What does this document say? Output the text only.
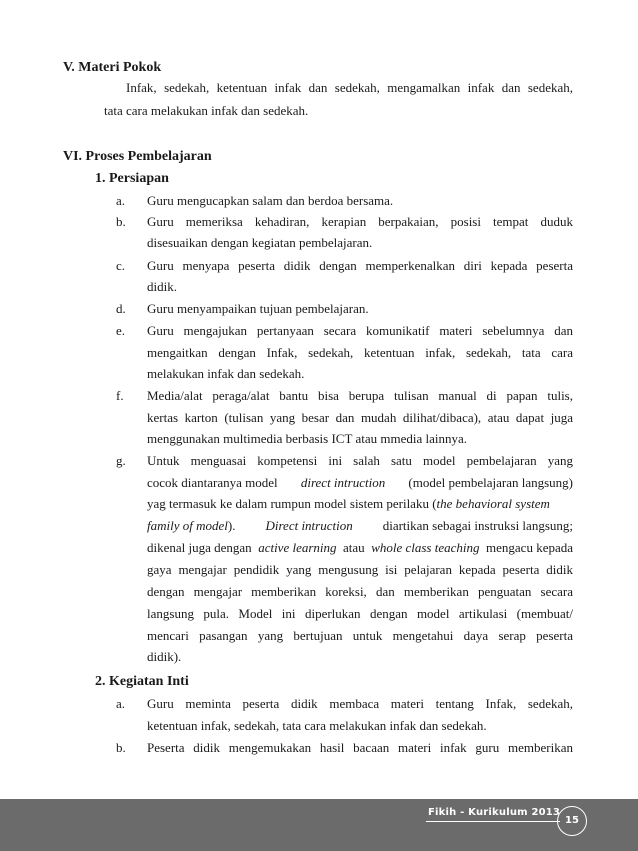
V. Materi Pokok
Infak, sedekah, ketentuan infak dan sedekah, mengamalkan infak dan sedekah,
tata cara melakukan infak dan sedekah.
VI. Proses Pembelajaran
1. Persiapan
a. Guru mengucapkan salam dan berdoa bersama.
b. Guru memeriksa kehadiran, kerapian berpakaian, posisi tempat duduk
disesuaikan dengan kegiatan pembelajaran.
c. Guru menyapa peserta didik dengan memperkenalkan diri kepada peserta
didik.
d. Guru menyampaikan tujuan pembelajaran.
e. Guru mengajukan pertanyaan secara komunikatif materi sebelumnya dan
mengaitkan dengan Infak, sedekah, ketentuan infak, sedekah, tata cara
melakukan infak dan sedekah.
f. Media/alat peraga/alat bantu bisa berupa tulisan manual di papan tulis,
kertas karton (tulisan yang besar dan mudah dilihat/dibaca), atau dapat juga
menggunakan multimedia berbasis ICT atau mmedia lainnya.
g. Untuk menguasai kompetensi ini salah satu model pembelajaran yang
cocok diantaranya model direct intruction (model pembelajaran langsung)
yag termasuk ke dalam rumpun model sistem perilaku (the behavioral system
family of model). Direct intruction diartikan sebagai instruksi langsung;
dikenal juga dengan active learning atau whole class teaching mengacu kepada
gaya mengajar pendidik yang mengusung isi pelajaran kepada peserta didik
dengan mengajar memberikan koreksi, dan memberikan penguatan secara
langsung pula. Model ini diperlukan dengan model artikulasi (membuat/
mencari pasangan yang bertujuan untuk mengetahui daya serap peserta
didik).
2. Kegiatan Inti
a. Guru meminta peserta didik membaca materi tentang Infak, sedekah,
ketentuan infak, sedekah, tata cara melakukan infak dan sedekah.
b. Peserta didik mengemukakan hasil bacaan materi infak guru memberikan
Fikih - Kurikulum 2013
15
